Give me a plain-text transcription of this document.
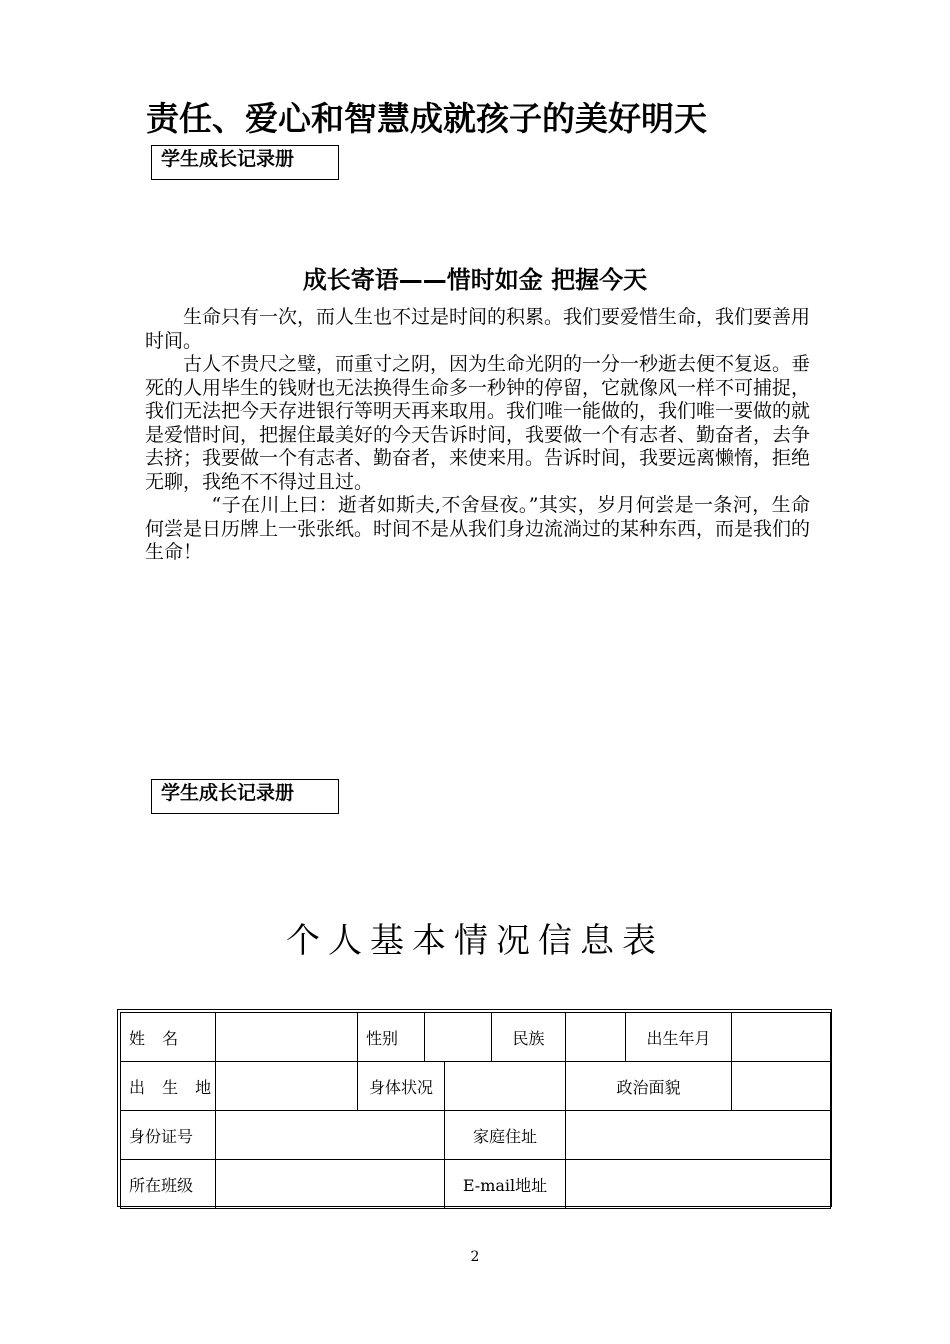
责任、爱心和智慧成就孩子的美好明天
学生成长记录册
成长寄语——惜时如金 把握今天

生命只有一次，而人生也不过是时间的积累。我们要爱惜生命，我们要善用时间。

古人不贵尺之璧，而重寸之阴，因为生命光阴的一分一秒逝去便不复返。垂死的人用毕生的钱财也无法换得生命多一秒钟的停留，它就像风一样不可捕捉，我们无法把今天存进银行等明天再来取用。我们唯一能做的，我们唯一要做的就是爱惜时间，把握住最美好的今天告诉时间，我要做一个有志者、勤奋者，去争去挤；我要做一个有志者、勤奋者，来使来用。告诉时间，我要远离懒惰，拒绝无聊，我绝不不得过且过。

“子在川上曰：逝者如斯夫,不舍昼夜。”其实，岁月何尝是一条河，生命何尝是日历牌上一张张纸。时间不是从我们身边流淌过的某种东西，而是我们的生命！

学生成长记录册
个人基本情况信息表
姓 名		性别			民族		出生年月	
出 生 地		身体状况				政治面貌		
身份证号				家庭住址				
所在班级				E-mail地址				
2
